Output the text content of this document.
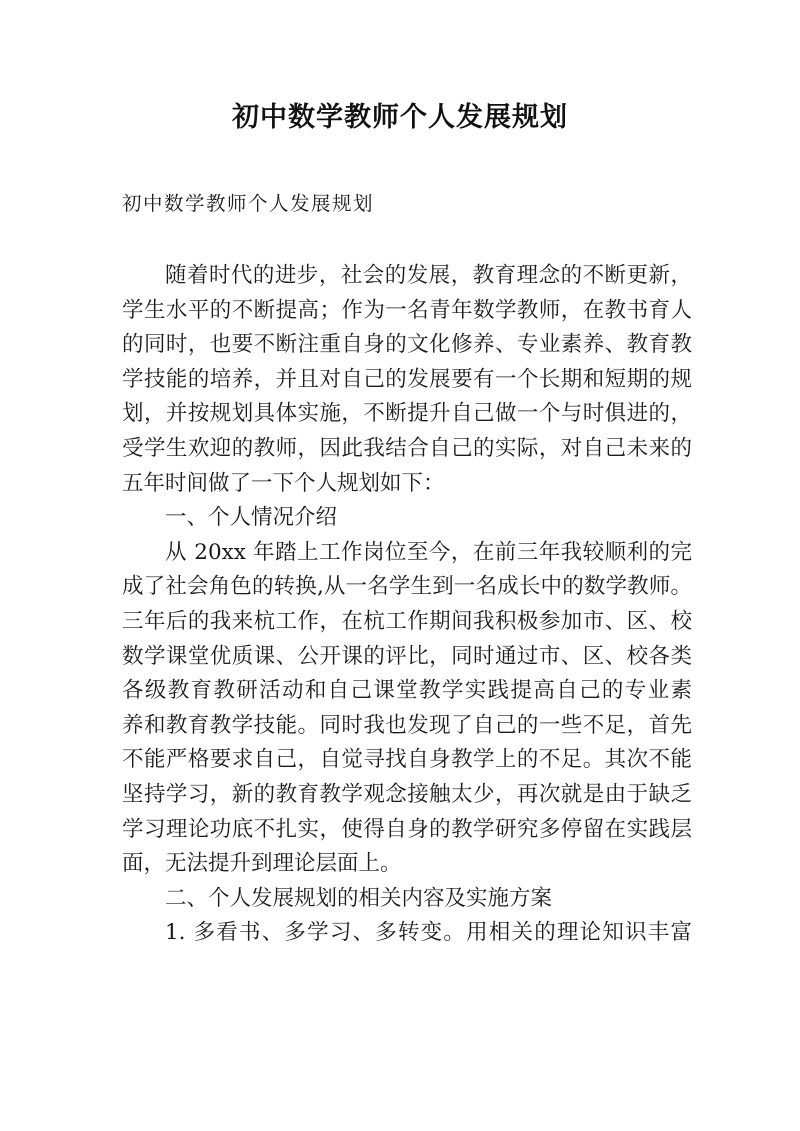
初中数学教师个人发展规划

初中数学教师个人发展规划

随着时代的进步，社会的发展，教育理念的不断更新，
学生水平的不断提高；作为一名青年数学教师，在教书育人
的同时，也要不断注重自身的文化修养、专业素养、教育教
学技能的培养，并且对自己的发展要有一个长期和短期的规
划，并按规划具体实施，不断提升自己做一个与时俱进的，
受学生欢迎的教师，因此我结合自己的实际，对自己未来的
五年时间做了一下个人规划如下：
一、个人情况介绍
从 20xx 年踏上工作岗位至今，在前三年我较顺利的完
成了社会角色的转换,从一名学生到一名成长中的数学教师。
三年后的我来杭工作，在杭工作期间我积极参加市、区、校
数学课堂优质课、公开课的评比，同时通过市、区、校各类
各级教育教研活动和自己课堂教学实践提高自己的专业素
养和教育教学技能。同时我也发现了自己的一些不足，首先
不能严格要求自己，自觉寻找自身教学上的不足。其次不能
坚持学习，新的教育教学观念接触太少，再次就是由于缺乏
学习理论功底不扎实，使得自身的教学研究多停留在实践层
面，无法提升到理论层面上。
二、个人发展规划的相关内容及实施方案
1. 多看书、多学习、多转变。用相关的理论知识丰富
